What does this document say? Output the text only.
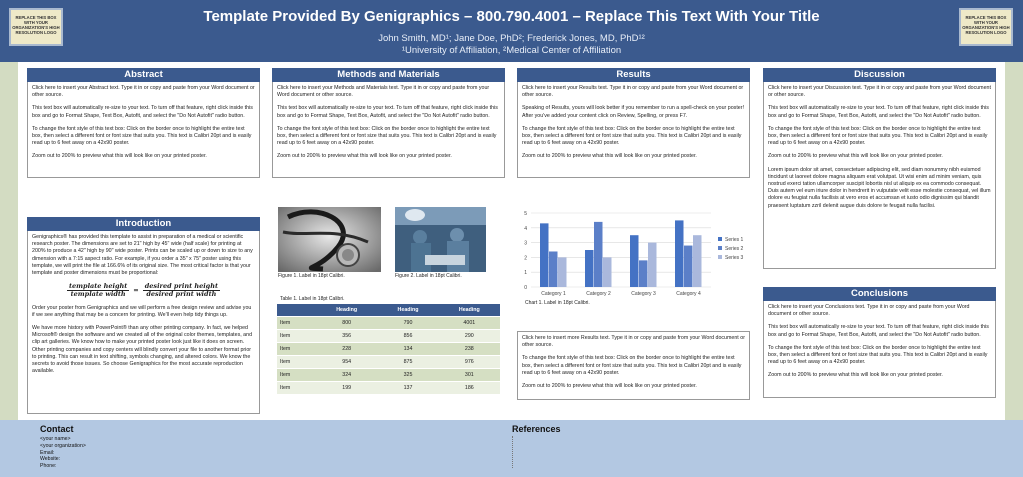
REPLACE THIS BOX WITH YOUR ORGANIZATION'S HIGH RESOLUTION LOGO
Template Provided By Genigraphics – 800.790.4001 – Replace This Text With Your Title
John Smith, MD¹; Jane Doe, PhD²; Frederick Jones, MD, PhD¹²
¹University of Affiliation, ²Medical Center of Affiliation
REPLACE THIS BOX WITH YOUR ORGANIZATION'S HIGH RESOLUTION LOGO
Abstract

Click here to insert your Abstract text. Type it in or copy and paste from your Word document or other source.

This text box will automatically re-size to your text. To turn off that feature, right click inside this box and go to Format Shape, Text Box, Autofit, and select the "Do Not Autofit" radio button.

To change the font style of this text box: Click on the border once to highlight the entire text box, then select a different font or font size that suits you. This text is Calibri 20pt and is easily read up to 6 feet away on a 42x90 poster.

Zoom out to 200% to preview what this will look like on your printed poster.

Methods and Materials

Click here to insert your Methods and Materials text. Type it in or copy and paste from your Word document or other source.

This text box will automatically re-size to your text. To turn off that feature, right click inside this box and go to Format Shape, Text Box, Autofit, and select the "Do Not Autofit" radio button.

To change the font style of this text box: Click on the border once to highlight the entire text box, then select a different font or font size that suits you. This text is Calibri 20pt and is easily read up to 6 feet away on a 42x90 poster.

Zoom out to 200% to preview what this will look like on your printed poster.

Results

Click here to insert your Results text. Type it in or copy and paste from your Word document or other source.

Speaking of Results, yours will look better if you remember to run a spell-check on your poster! After you've added your content click on Review, Spelling, or press F7.

To change the font style of this text box: Click on the border once to highlight the entire text box, then select a different font or font size that suits you. This text is Calibri 20pt and is easily read up to 6 feet away on a 42x90 poster.

Zoom out to 200% to preview what this will look like on your printed poster.

Discussion

Click here to insert your Discussion text. Type it in or copy and paste from your Word document or other source.

This text box will automatically re-size to your text. To turn off that feature, right click inside this box and go to Format Shape, Text Box, Autofit, and select the "Do Not Autofit" radio button.

To change the font style of this text box: Click on the border once to highlight the entire text box, then select a different font or font size that suits you. This text is Calibri 20pt and is easily read up to 6 feet away on a 42x90 poster.

Zoom out to 200% to preview what this will look like on your printed poster.

Lorem ipsum dolor sit amet, consectetuer adipiscing elit, sed diam nonummy nibh euismod tincidunt ut laoreet dolore magna aliquam erat volutpat. Ut wisi enim ad minim veniam, quis nostrud exerci tation ullamcorper suscipit lobortis nisl ut aliquip ex ea commodo consequat. Duis autem vel eum iriure dolor in hendrerit in vulputate velit esse molestie consequat, vel illum dolore eu feugiat nulla facilisis at vero eros et accumsan et iusto odio dignissim qui blandit praesent luptatum zzril delenit augue duis dolore te feugait nulla facilisi.

Introduction

Genigraphics® has provided this template to assist in preparation of a medical or scientific research poster. The dimensions are set to 21" high by 45" wide (half scale) for printing at 200% to produce a 42" high by 90" wide poster. Prints can be scaled up or down to size to any dimension with a 7:15 aspect ratio. For example, if you order a 35" x 75" poster using this template, we will print the file at 166.6% of its original size. The most critical factor is that your template and poster dimensions must be proportional:

template height
template width
=
desired print height
desired print width

Order your poster from Genigraphics and we will perform a free design review and advise you if we see anything that may be a concern for printing. We'll even help tidy things up.

We have more history with PowerPoint® than any other printing company. In fact, we helped Microsoft® design the software and we created all of the original color themes, templates, and clip art galleries. We know how to make your printed poster look just like it does on screen. Other printing companies and copy centers will blindly convert your file to another format prior to printing. This can result in text shifting, symbols changing, and altered colors. We know the secrets to avoid those issues. So choose Genigraphics for the most accurate reproduction available.

Figure 1. Label in 18pt Calibri.	Figure 2. Label in 18pt Calibri.
Table 1. Label in 18pt Calibri.
	Heading	Heading	Heading
Item	800	790	4001
Item	356	856	290
Item	228	134	238
Item	954	875	976
Item	324	325	301
Item	199	137	186
0
1
2
3
4
5
Category 1	Category 2	Category 3	Category 4
Series 1
Series 2
Series 3
Chart 1. Label in 18pt Calibri.

Click here to insert more Results text. Type it in or copy and paste from your Word document or other source.

To change the font style of this text box: Click on the border once to highlight the entire text box, then select a different font or font size that suits you. This text is Calibri 20pt and is easily read up to 6 feet away on a 42x90 poster.

Zoom out to 200% to preview what this will look like on your printed poster.

Conclusions

Click here to insert your Conclusions text. Type it in or copy and paste from your Word document or other source.

This text box will automatically re-size to your text. To turn off that feature, right click inside this box and go to Format Shape, Text Box, Autofit, and select the "Do Not Autofit" radio button.

To change the font style of this text box: Click on the border once to highlight the entire text box, then select a different font or font size that suits you. This text is Calibri 20pt and is easily read up to 6 feet away on a 42x90 poster.

Zoom out to 200% to preview what this will look like on your printed poster.

Contact
<your name>
<your organization>
Email:
Website:
Phone:
References
